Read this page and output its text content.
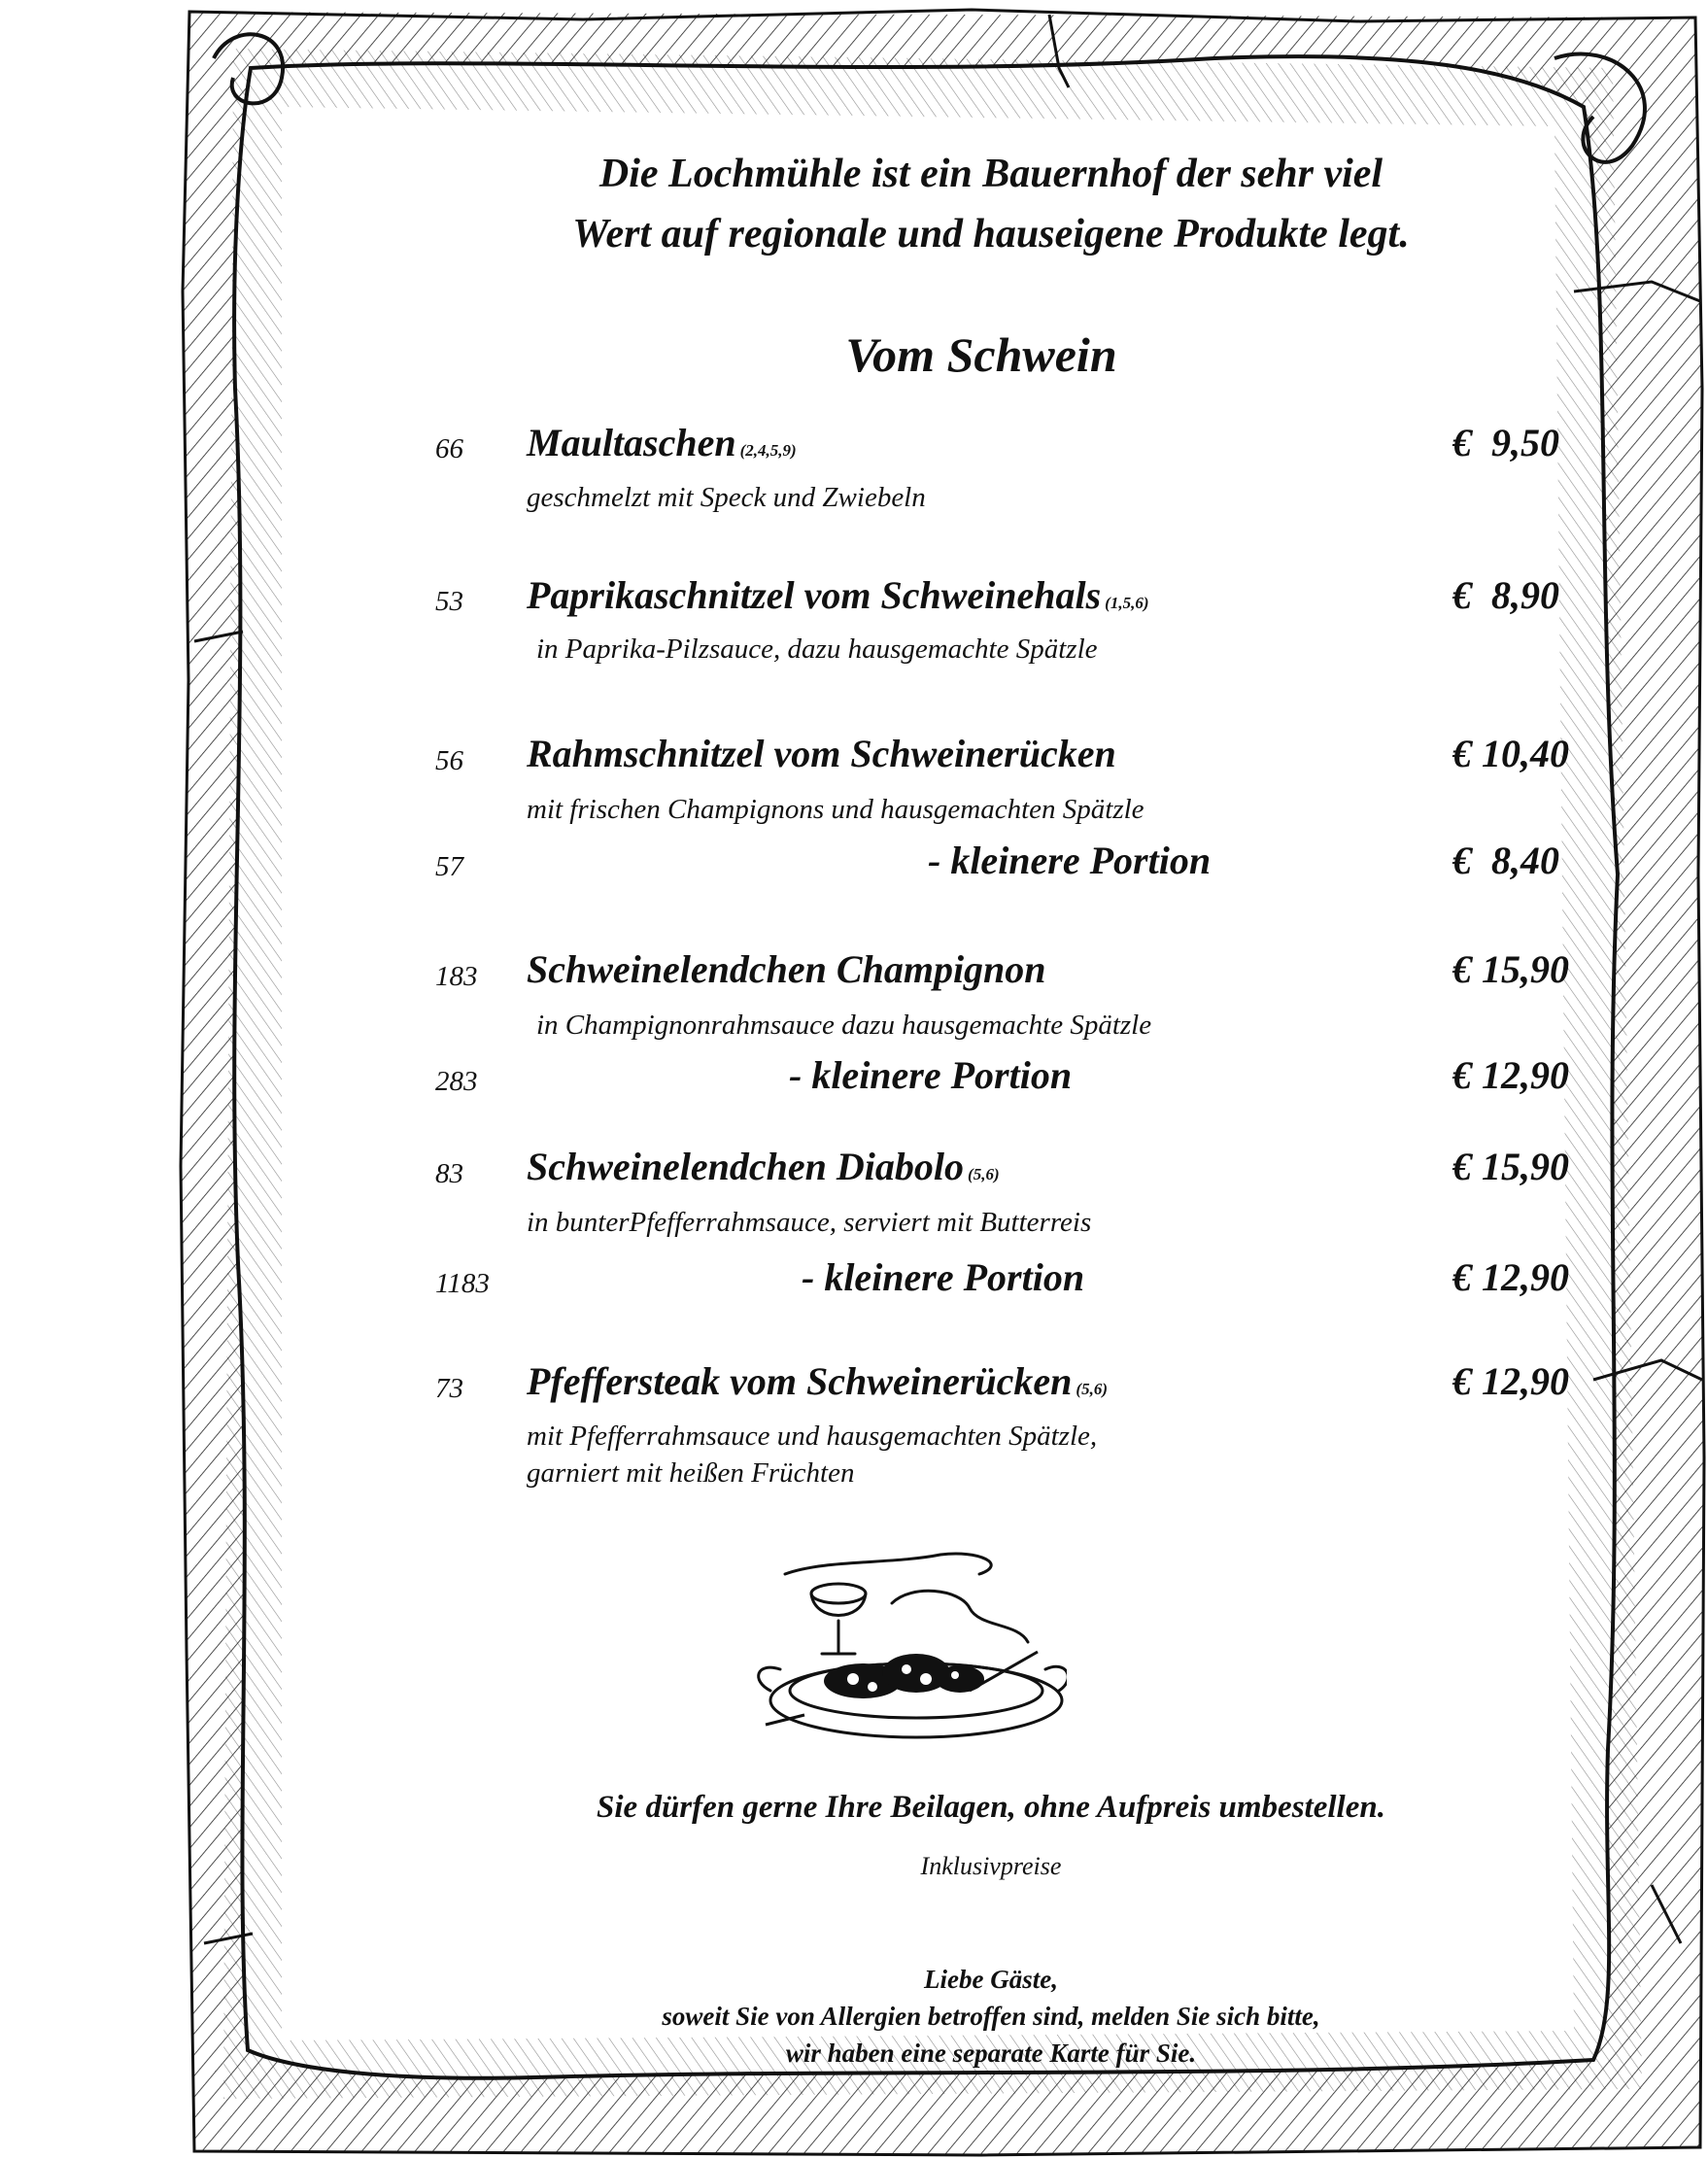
Die Lochmühle ist ein Bauernhof der sehr viel
Wert auf regionale und hauseigene Produkte legt.
Vom Schwein
66	Maultaschen (2,4,5,9)	€  9,50
geschmelzt mit Speck und Zwiebeln
53	Paprikaschnitzel vom Schweinehals (1,5,6)	€  8,90
in Paprika-Pilzsauce, dazu hausgemachte Spätzle
56	Rahmschnitzel vom Schweinerücken	€ 10,40
mit frischen Champignons und hausgemachten Spätzle
57	- kleinere Portion	€  8,40
183	Schweinelendchen Champignon	€ 15,90
in Champignonrahmsauce dazu hausgemachte Spätzle
283	- kleinere Portion	€ 12,90
83	Schweinelendchen Diabolo (5,6)	€ 15,90
in bunterPfefferrahmsauce, serviert mit Butterreis
1183	- kleinere Portion	€ 12,90
73	Pfeffersteak vom Schweinerücken (5,6)	€ 12,90
mit Pfefferrahmsauce und hausgemachten Spätzle,
garniert mit heißen Früchten
Sie dürfen gerne Ihre Beilagen, ohne Aufpreis umbestellen.
Inklusivpreise
Liebe Gäste,
soweit Sie von Allergien betroffen sind, melden Sie sich bitte,
wir haben eine separate Karte für Sie.
